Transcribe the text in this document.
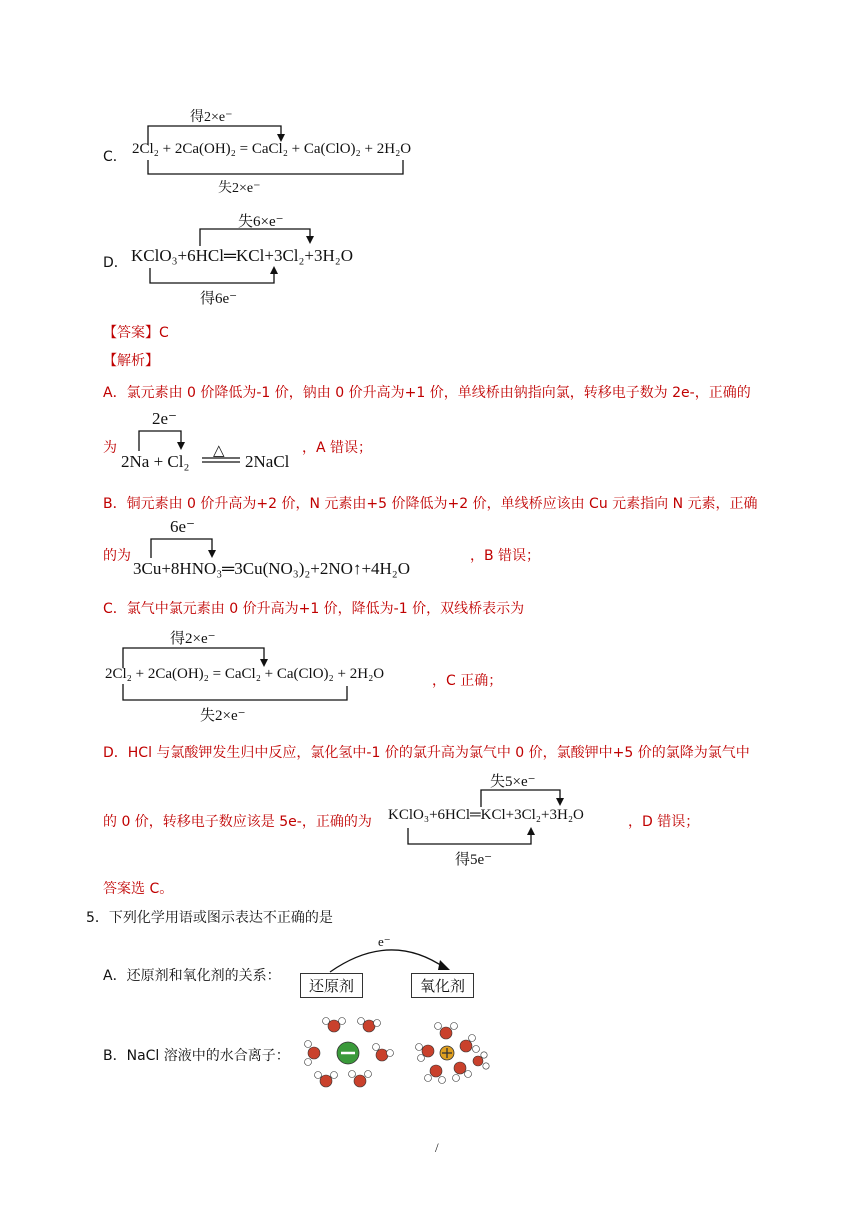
得2×e⁻
C． 2Cl₂ + 2Ca(OH)₂ = CaCl₂ + Ca(ClO)₂ + 2H₂O
失2×e⁻
失6×e⁻
D． KClO₃+6HCl═KCl+3Cl₂+3H₂O
得6e⁻
【答案】C
【解析】
A．氯元素由 0 价降低为-1 价，钠由 0 价升高为+1 价，单线桥由钠指向氯，转移电子数为 2e-，正确的
为
2e⁻
△
2Na + Cl₂	2NaCl
，A 错误；
B．铜元素由 0 价升高为+2 价，N 元素由+5 价降低为+2 价，单线桥应该由 Cu 元素指向 N 元素，正确
的为
6e⁻
3Cu+8HNO₃═3Cu(NO₃)₂+2NO↑+4H₂O
，B 错误；
C．氯气中氯元素由 0 价升高为+1 价，降低为-1 价，双线桥表示为
得2×e⁻
2Cl₂ + 2Ca(OH)₂ = CaCl₂ + Ca(ClO)₂ + 2H₂O	，C 正确；
失2×e⁻
D．HCl 与氯酸钾发生归中反应，氯化氢中-1 价的氯升高为氯气中 0 价，氯酸钾中+5 价的氯降为氯气中
失5×e⁻
的 0 价，转移电子数应该是 5e-，正确的为 KClO₃+6HCl═KCl+3Cl₂+3H₂O	，D 错误；
得5e⁻
答案选 C。
5．下列化学用语或图示表达不正确的是
A．还原剂和氧化剂的关系：
e⁻
还原剂	氧化剂
B．NaCl 溶液中的水合离子：
/
